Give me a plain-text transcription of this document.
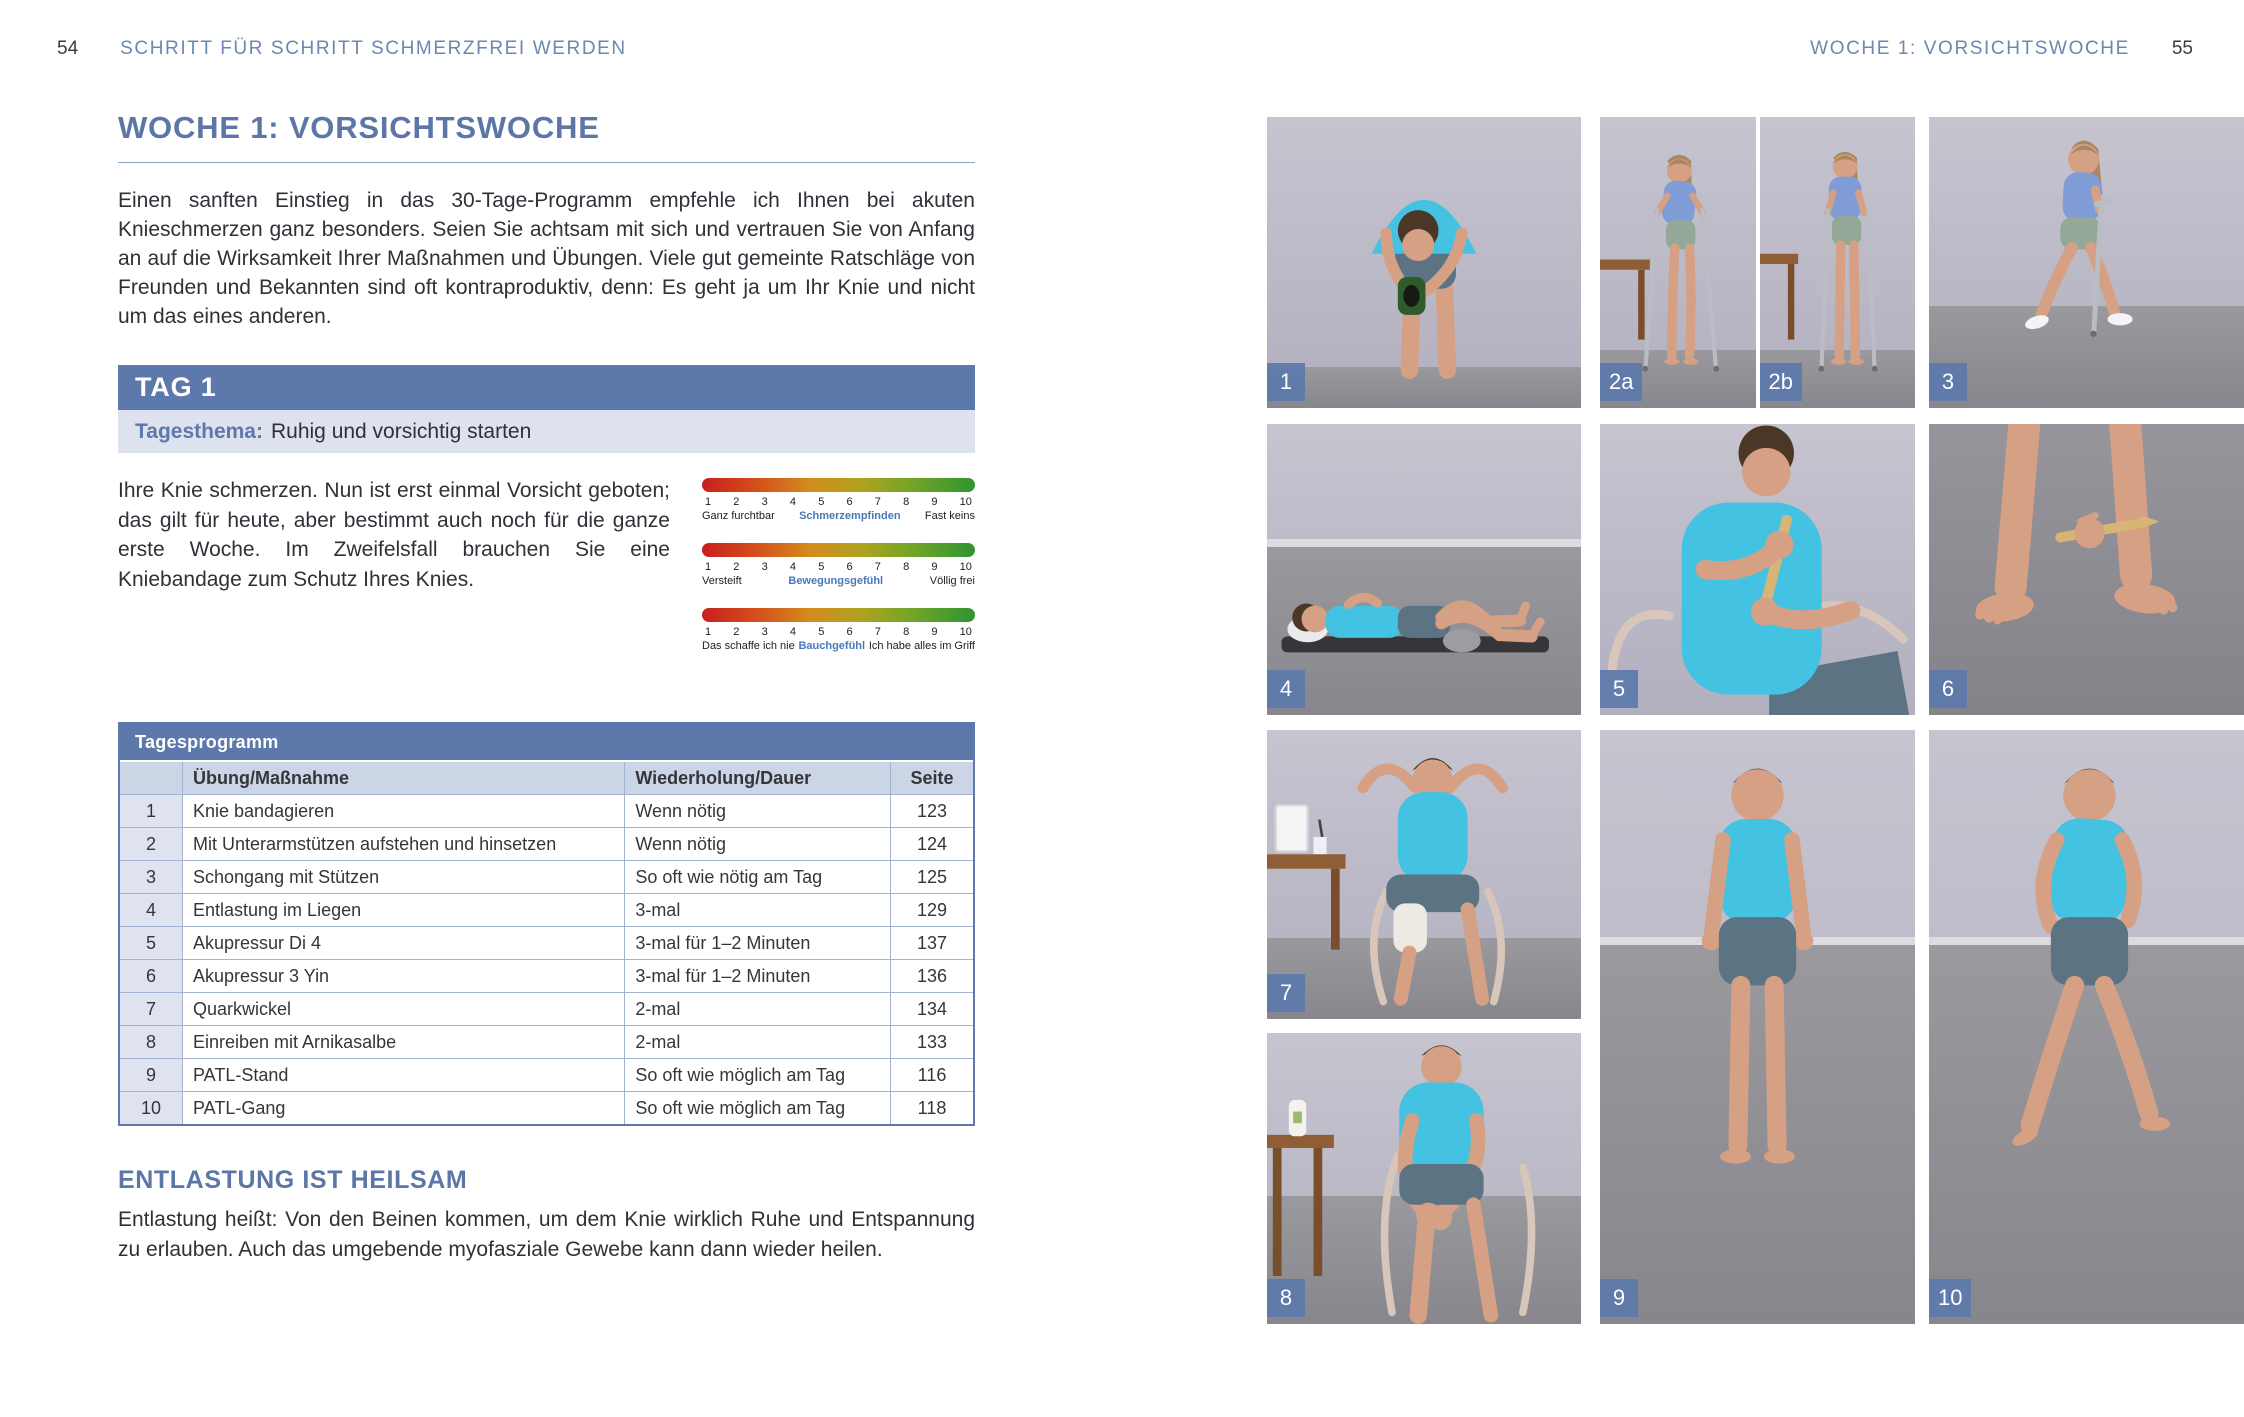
54 SCHRITT FÜR SCHRITT SCHMERZFREI WERDEN	WOCHE 1: VORSICHTSWOCHE 55
WOCHE 1: VORSICHTSWOCHE

Einen sanften Einstieg in das 30-Tage-Programm empfehle ich Ihnen bei akuten Knieschmerzen ganz besonders. Seien Sie achtsam mit sich und vertrauen Sie von Anfang an auf die Wirksamkeit Ihrer Maßnahmen und Übungen. Viele gut gemeinte Ratschläge von Freunden und Bekannten sind oft kontraproduktiv, denn: Es geht ja um Ihr Knie und nicht um das eines anderen.

TAG 1
Tagesthema: Ruhig und vorsichtig starten

Ihre Knie schmerzen. Nun ist erst einmal Vorsicht geboten; das gilt für heute, aber bestimmt auch noch für die ganze erste Woche. Im Zweifelsfall brauchen Sie eine Kniebandage zum Schutz Ihres Knies.

1 2 3 4 5 6 7 8 9 10
Ganz furchtbar Schmerzempfinden Fast keins
1 2 3 4 5 6 7 8 9 10
Versteift	Bewegungsgefühl	Völlig frei
1 2 3 4 5 6 7 8 9 10
Das schaffe ich nie Bauchgefühl Ich habe alles im Griff
Tagesprogramm
	Übung/Maßnahme	Wiederholung/Dauer	Seite
1	Knie bandagieren	Wenn nötig	123
2	Mit Unterarmstützen aufstehen und hinsetzen	Wenn nötig	124
3	Schongang mit Stützen	So oft wie nötig am Tag	125
4	Entlastung im Liegen	3-mal	129
5	Akupressur Di 4	3-mal für 1–2 Minuten	137
6	Akupressur 3 Yin	3-mal für 1–2 Minuten	136
7	Quarkwickel	2-mal	134
8	Einreiben mit Arnikasalbe	2-mal	133
9	PATL-Stand	So oft wie möglich am Tag	116
10	PATL-Gang	So oft wie möglich am Tag	118
ENTLASTUNG IST HEILSAM

Entlastung heißt: Von den Beinen kommen, um dem Knie wirklich Ruhe und Entspannung zu erlauben. Auch das umgebende myofasziale Gewebe kann dann wieder heilen.

1	2a	2b	3
4	5	6
7
8	9	10
